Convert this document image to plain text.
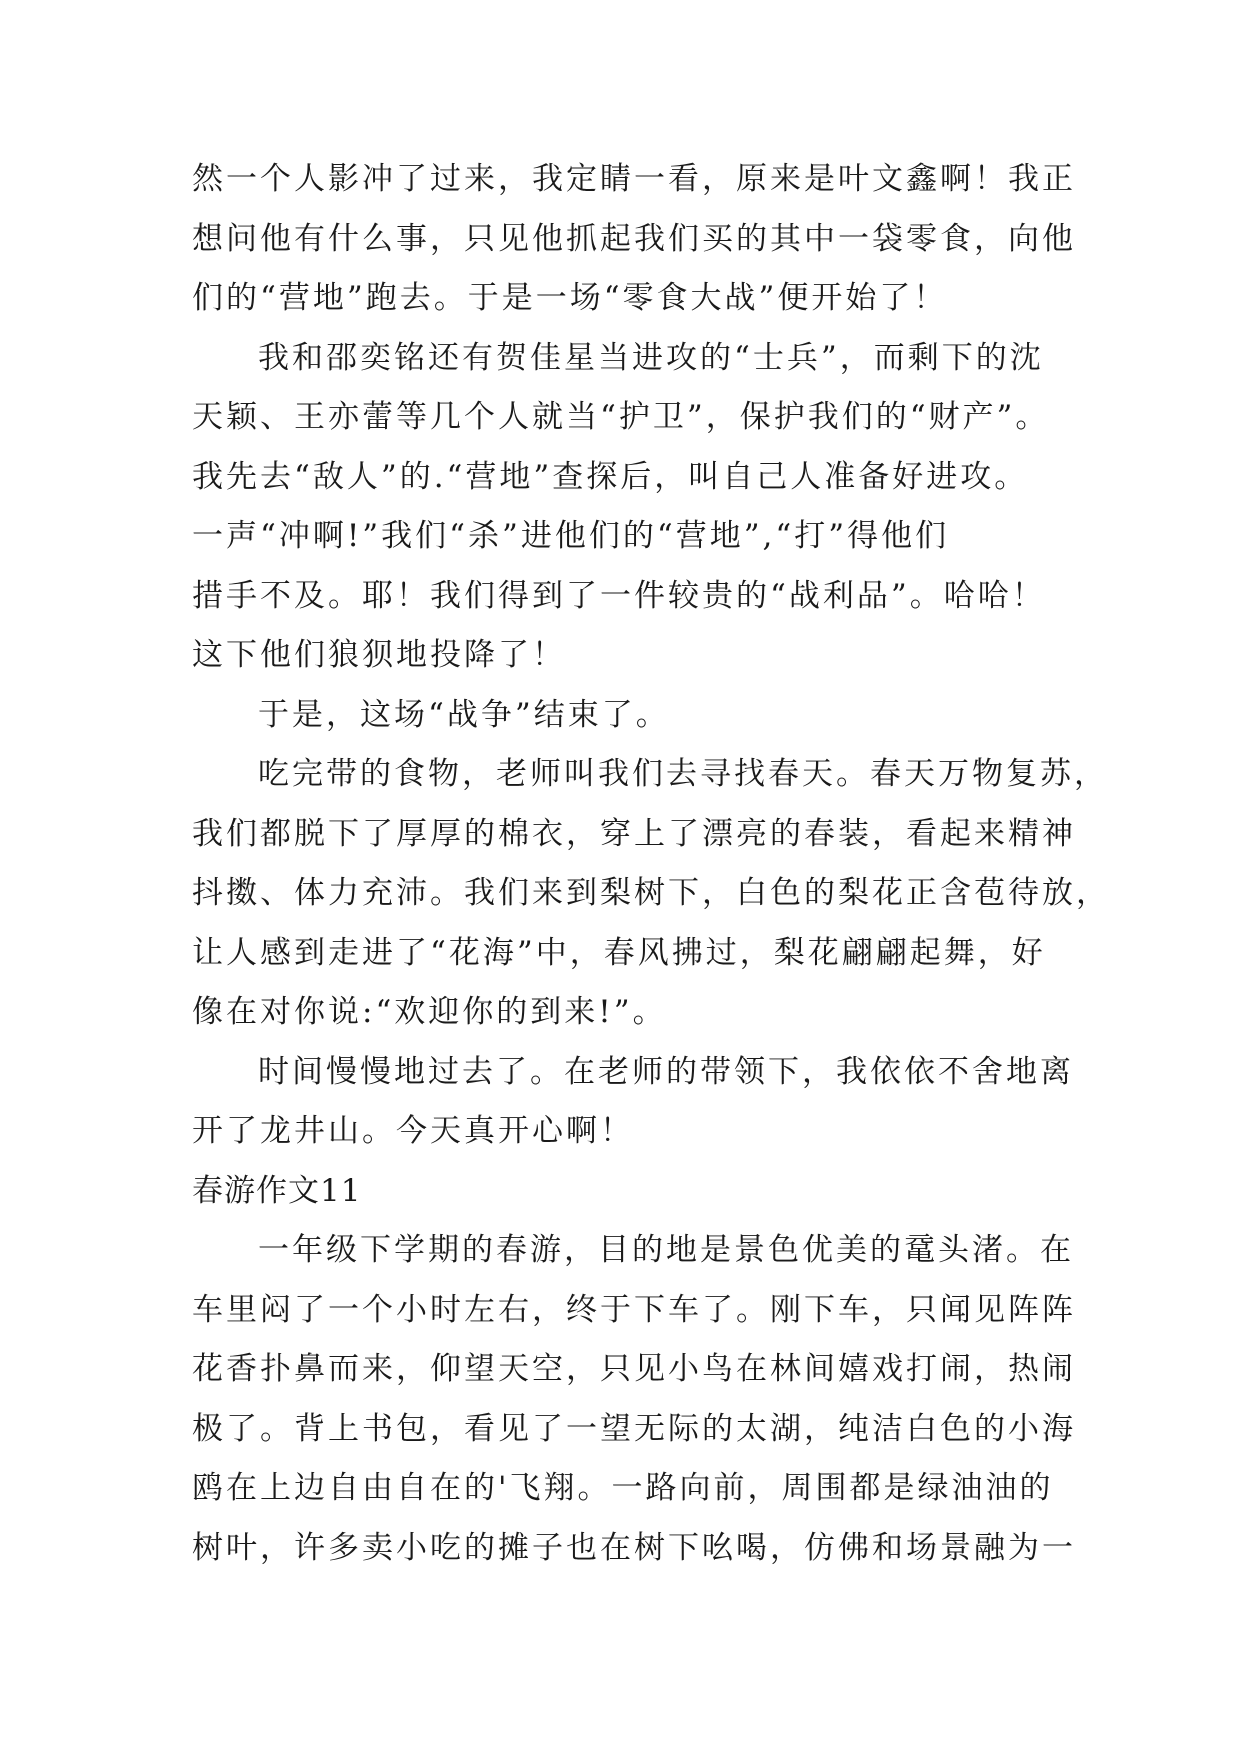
然一个人影冲了过来，我定睛一看，原来是叶文鑫啊！我正
想问他有什么事，只见他抓起我们买的其中一袋零食，向他
们的“营地”跑去。于是一场“零食大战”便开始了！
我和邵奕铭还有贺佳星当进攻的“士兵”，而剩下的沈
天颖、王亦蕾等几个人就当“护卫”，保护我们的“财产”。
我先去“敌人”的.“营地”查探后，叫自己人准备好进攻。
一声“冲啊!”我们“杀”进他们的“营地”,“打”得他们
措手不及。耶！我们得到了一件较贵的“战利品”。哈哈！
这下他们狼狈地投降了！
于是，这场“战争”结束了。
吃完带的食物，老师叫我们去寻找春天。春天万物复苏，
我们都脱下了厚厚的棉衣，穿上了漂亮的春装，看起来精神
抖擞、体力充沛。我们来到梨树下，白色的梨花正含苞待放，
让人感到走进了“花海”中，春风拂过，梨花翩翩起舞，好
像在对你说:“欢迎你的到来!”。
时间慢慢地过去了。在老师的带领下，我依依不舍地离
开了龙井山。今天真开心啊！
春游作文11
一年级下学期的春游，目的地是景色优美的鼋头渚。在
车里闷了一个小时左右，终于下车了。刚下车，只闻见阵阵
花香扑鼻而来，仰望天空，只见小鸟在林间嬉戏打闹，热闹
极了。背上书包，看见了一望无际的太湖，纯洁白色的小海
鸥在上边自由自在的'飞翔。一路向前，周围都是绿油油的
树叶，许多卖小吃的摊子也在树下吆喝，仿佛和场景融为一
